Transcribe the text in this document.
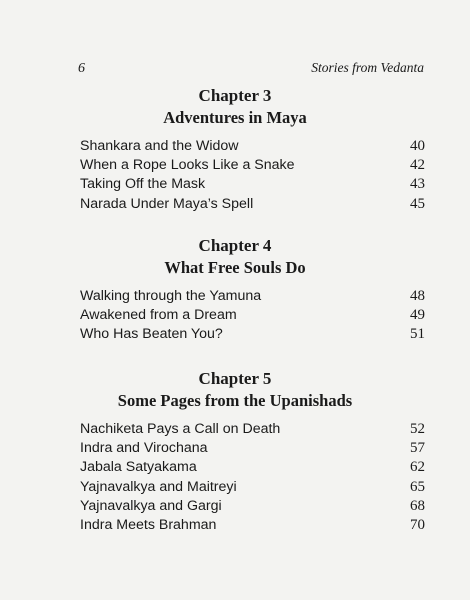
6	Stories from Vedanta
Chapter 3
Adventures in Maya
Shankara and the Widow	40
When a Rope Looks Like a Snake	42
Taking Off the Mask	43
Narada Under Maya’s Spell	45
Chapter 4
What Free Souls Do
Walking through the Yamuna	48
Awakened from a Dream	49
Who Has Beaten You?	51
Chapter 5
Some Pages from the Upanishads
Nachiketa Pays a Call on Death	52
Indra and Virochana	57
Jabala Satyakama	62
Yajnavalkya and Maitreyi	65
Yajnavalkya and Gargi	68
Indra Meets Brahman	70
